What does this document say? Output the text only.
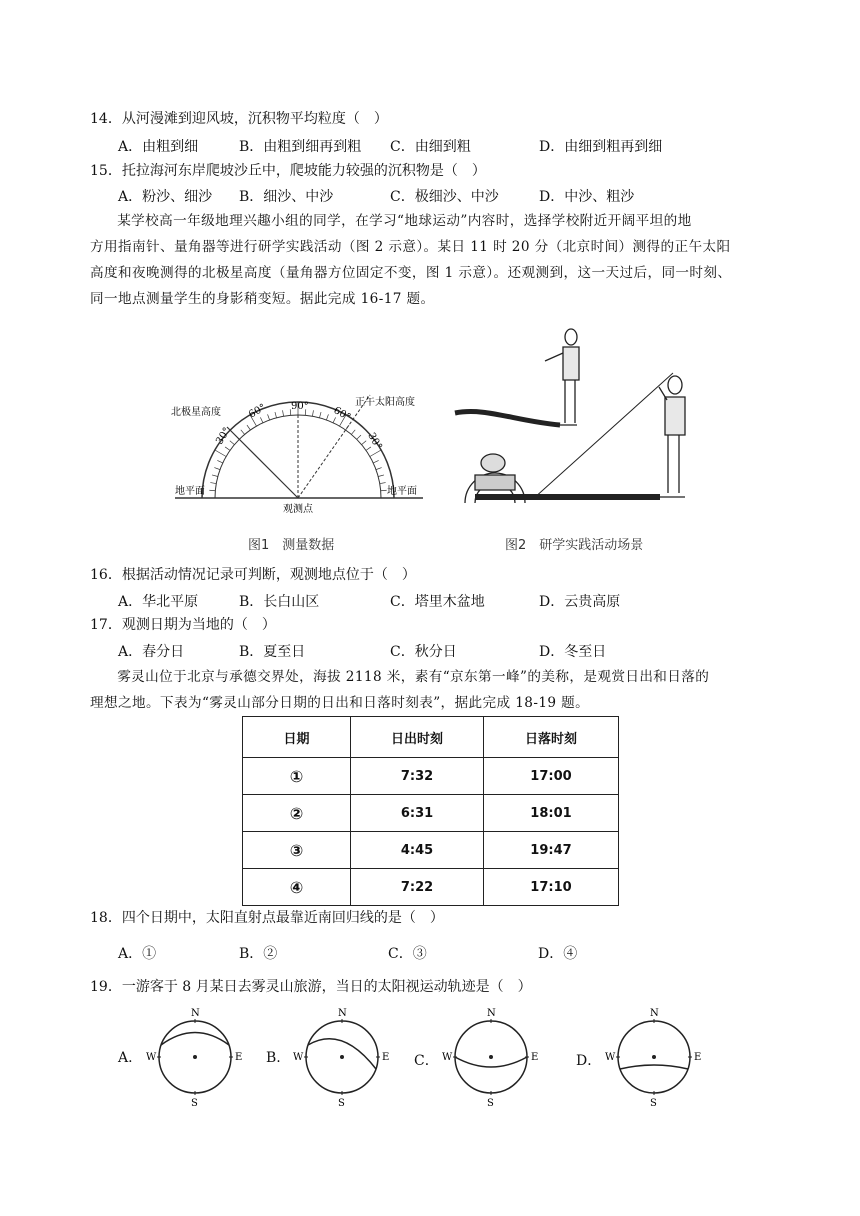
14．从河漫滩到迎风坡，沉积物平均粒度（　）
A．由粗到细	B．由粗到细再到粗 C．由细到粗	D．由细到粗再到细
15．托拉海河东岸爬坡沙丘中，爬坡能力较强的沉积物是（　）
A．粉沙、细沙 B．细沙、中沙	C．极细沙、中沙	D．中沙、粗沙
某学校高一年级地理兴趣小组的同学，在学习“地球运动”内容时，选择学校附近开阔平坦的地
方用指南针、量角器等进行研学实践活动（图 2 示意）。某日 11 时 20 分（北京时间）测得的正午太阳
高度和夜晚测得的北极星高度（量角器方位固定不变，图 1 示意）。还观测到，这一天过后，同一时刻、
同一地点测量学生的身影稍变短。据此完成 16-17 题。
北极星高度
正午太阳高度
地平面	地平面
观测点
30°
60° 90° 60°
30°
图1　测量数据	图2　研学实践活动场景
16．根据活动情况记录可判断，观测地点位于（　）
A．华北平原	B．长白山区	C．塔里木盆地	D．云贵高原
17．观测日期为当地的（　）
A．春分日	B．夏至日	C．秋分日	D．冬至日
雾灵山位于北京与承德交界处，海拔 2118 米，素有“京东第一峰”的美称，是观赏日出和日落的
理想之地。下表为“雾灵山部分日期的日出和日落时刻表”，据此完成 18-19 题。
日期	日出时刻	日落时刻
①	7:32	17:00
②	6:31	18:01
③	4:45	19:47
④	7:22	17:10
18．四个日期中，太阳直射点最靠近南回归线的是（　）
A．①	B．②	C．③	D．④
19．一游客于 8 月某日去雾灵山旅游，当日的太阳视运动轨迹是（　）
A.	B.	C．	D．
N
S
W	E
N
S
W	E
N
S
W	E
N
S
W	E
